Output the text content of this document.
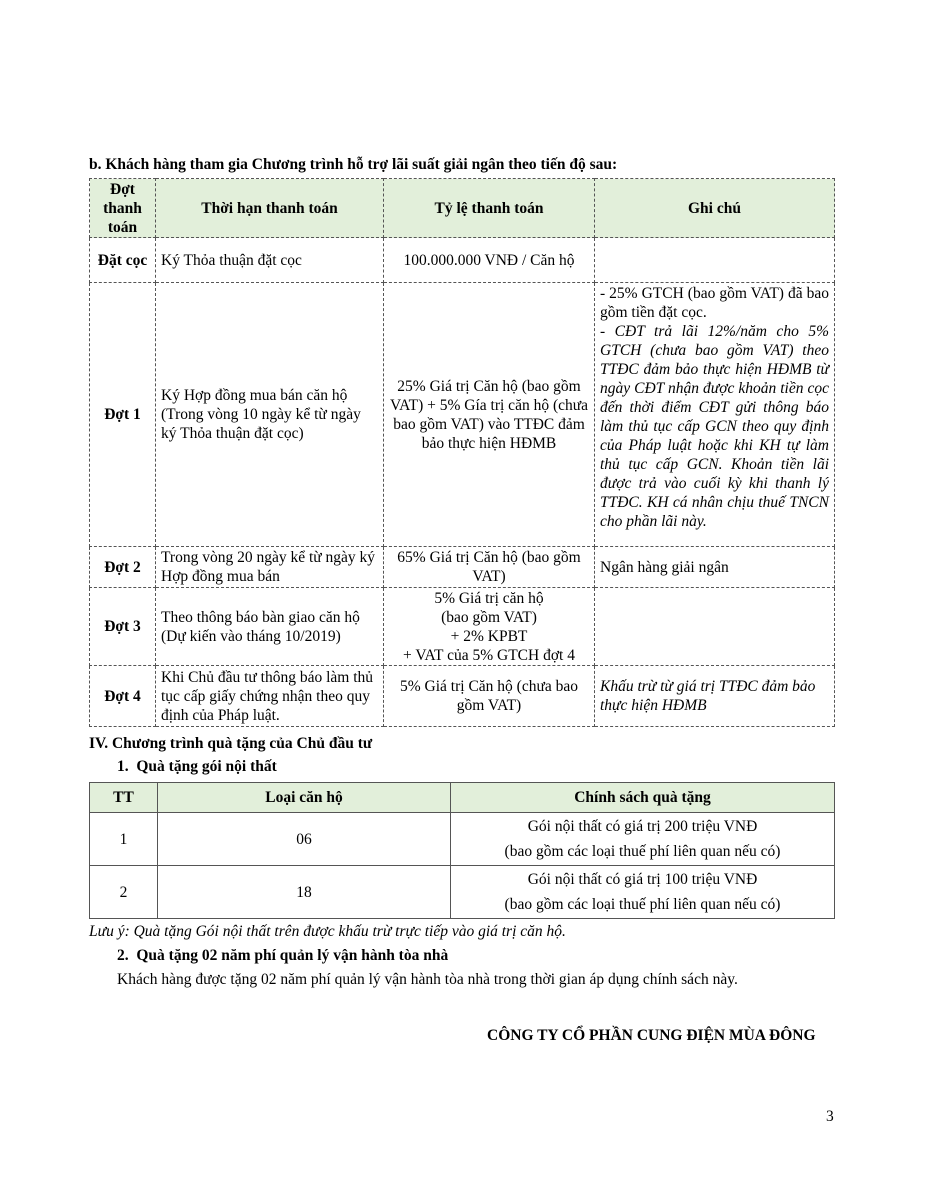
b. Khách hàng tham gia Chương trình hỗ trợ lãi suất giải ngân theo tiến độ sau:
Đợt thanh toán	Thời hạn thanh toán	Tỷ lệ thanh toán	Ghi chú
Đặt cọc	Ký Thỏa thuận đặt cọc	100.000.000 VNĐ / Căn hộ	
Đợt 1	Ký Hợp đồng mua bán căn hộ (Trong vòng 10 ngày kể từ ngày ký Thỏa thuận đặt cọc)	25% Giá trị Căn hộ (bao gồm VAT) + 5% Gía trị căn hộ (chưa bao gồm VAT) vào TTĐC đảm bảo thực hiện HĐMB	- 25% GTCH (bao gồm VAT) đã bao gồm tiền đặt cọc.
- CĐT trả lãi 12%/năm cho 5% GTCH (chưa bao gồm VAT) theo TTĐC đảm bảo thực hiện HĐMB từ ngày CĐT nhận được khoản tiền cọc đến thời điểm CĐT gửi thông báo làm thủ tục cấp GCN theo quy định của Pháp luật hoặc khi KH tự làm thủ tục cấp GCN. Khoản tiền lãi được trả vào cuối kỳ khi thanh lý TTĐC. KH cá nhân chịu thuế TNCN cho phần lãi này.

Đợt 2	Trong vòng 20 ngày kể từ ngày ký Hợp đồng mua bán	65% Giá trị Căn hộ (bao gồm VAT)	Ngân hàng giải ngân
Đợt 3	Theo thông báo bàn giao căn hộ (Dự kiến vào tháng 10/2019)	5% Giá trị căn hộ
(bao gồm VAT)
+ 2% KPBT
+ VAT của 5% GTCH đợt 4	

Đợt 4	Khi Chủ đầu tư thông báo làm thủ tục cấp giấy chứng nhận theo quy định của Pháp luật.	5% Giá trị Căn hộ (chưa bao gồm VAT)	Khấu trừ từ giá trị TTĐC đảm bảo thực hiện HĐMB
IV. Chương trình quà tặng của Chủ đầu tư
1.  Quà tặng gói nội thất
TT	Loại căn hộ	Chính sách quà tặng
1	06	Gói nội thất có giá trị 200 triệu VNĐ
(bao gồm các loại thuế phí liên quan nếu có)

2	18	Gói nội thất có giá trị 100 triệu VNĐ
(bao gồm các loại thuế phí liên quan nếu có)
Lưu ý: Quà tặng Gói nội thất trên được khấu trừ trực tiếp vào giá trị căn hộ.
2.  Quà tặng 02 năm phí quản lý vận hành tòa nhà
Khách hàng được tặng 02 năm phí quản lý vận hành tòa nhà trong thời gian áp dụng chính sách này.
CÔNG TY CỔ PHẦN CUNG ĐIỆN MÙA ĐÔNG
3
